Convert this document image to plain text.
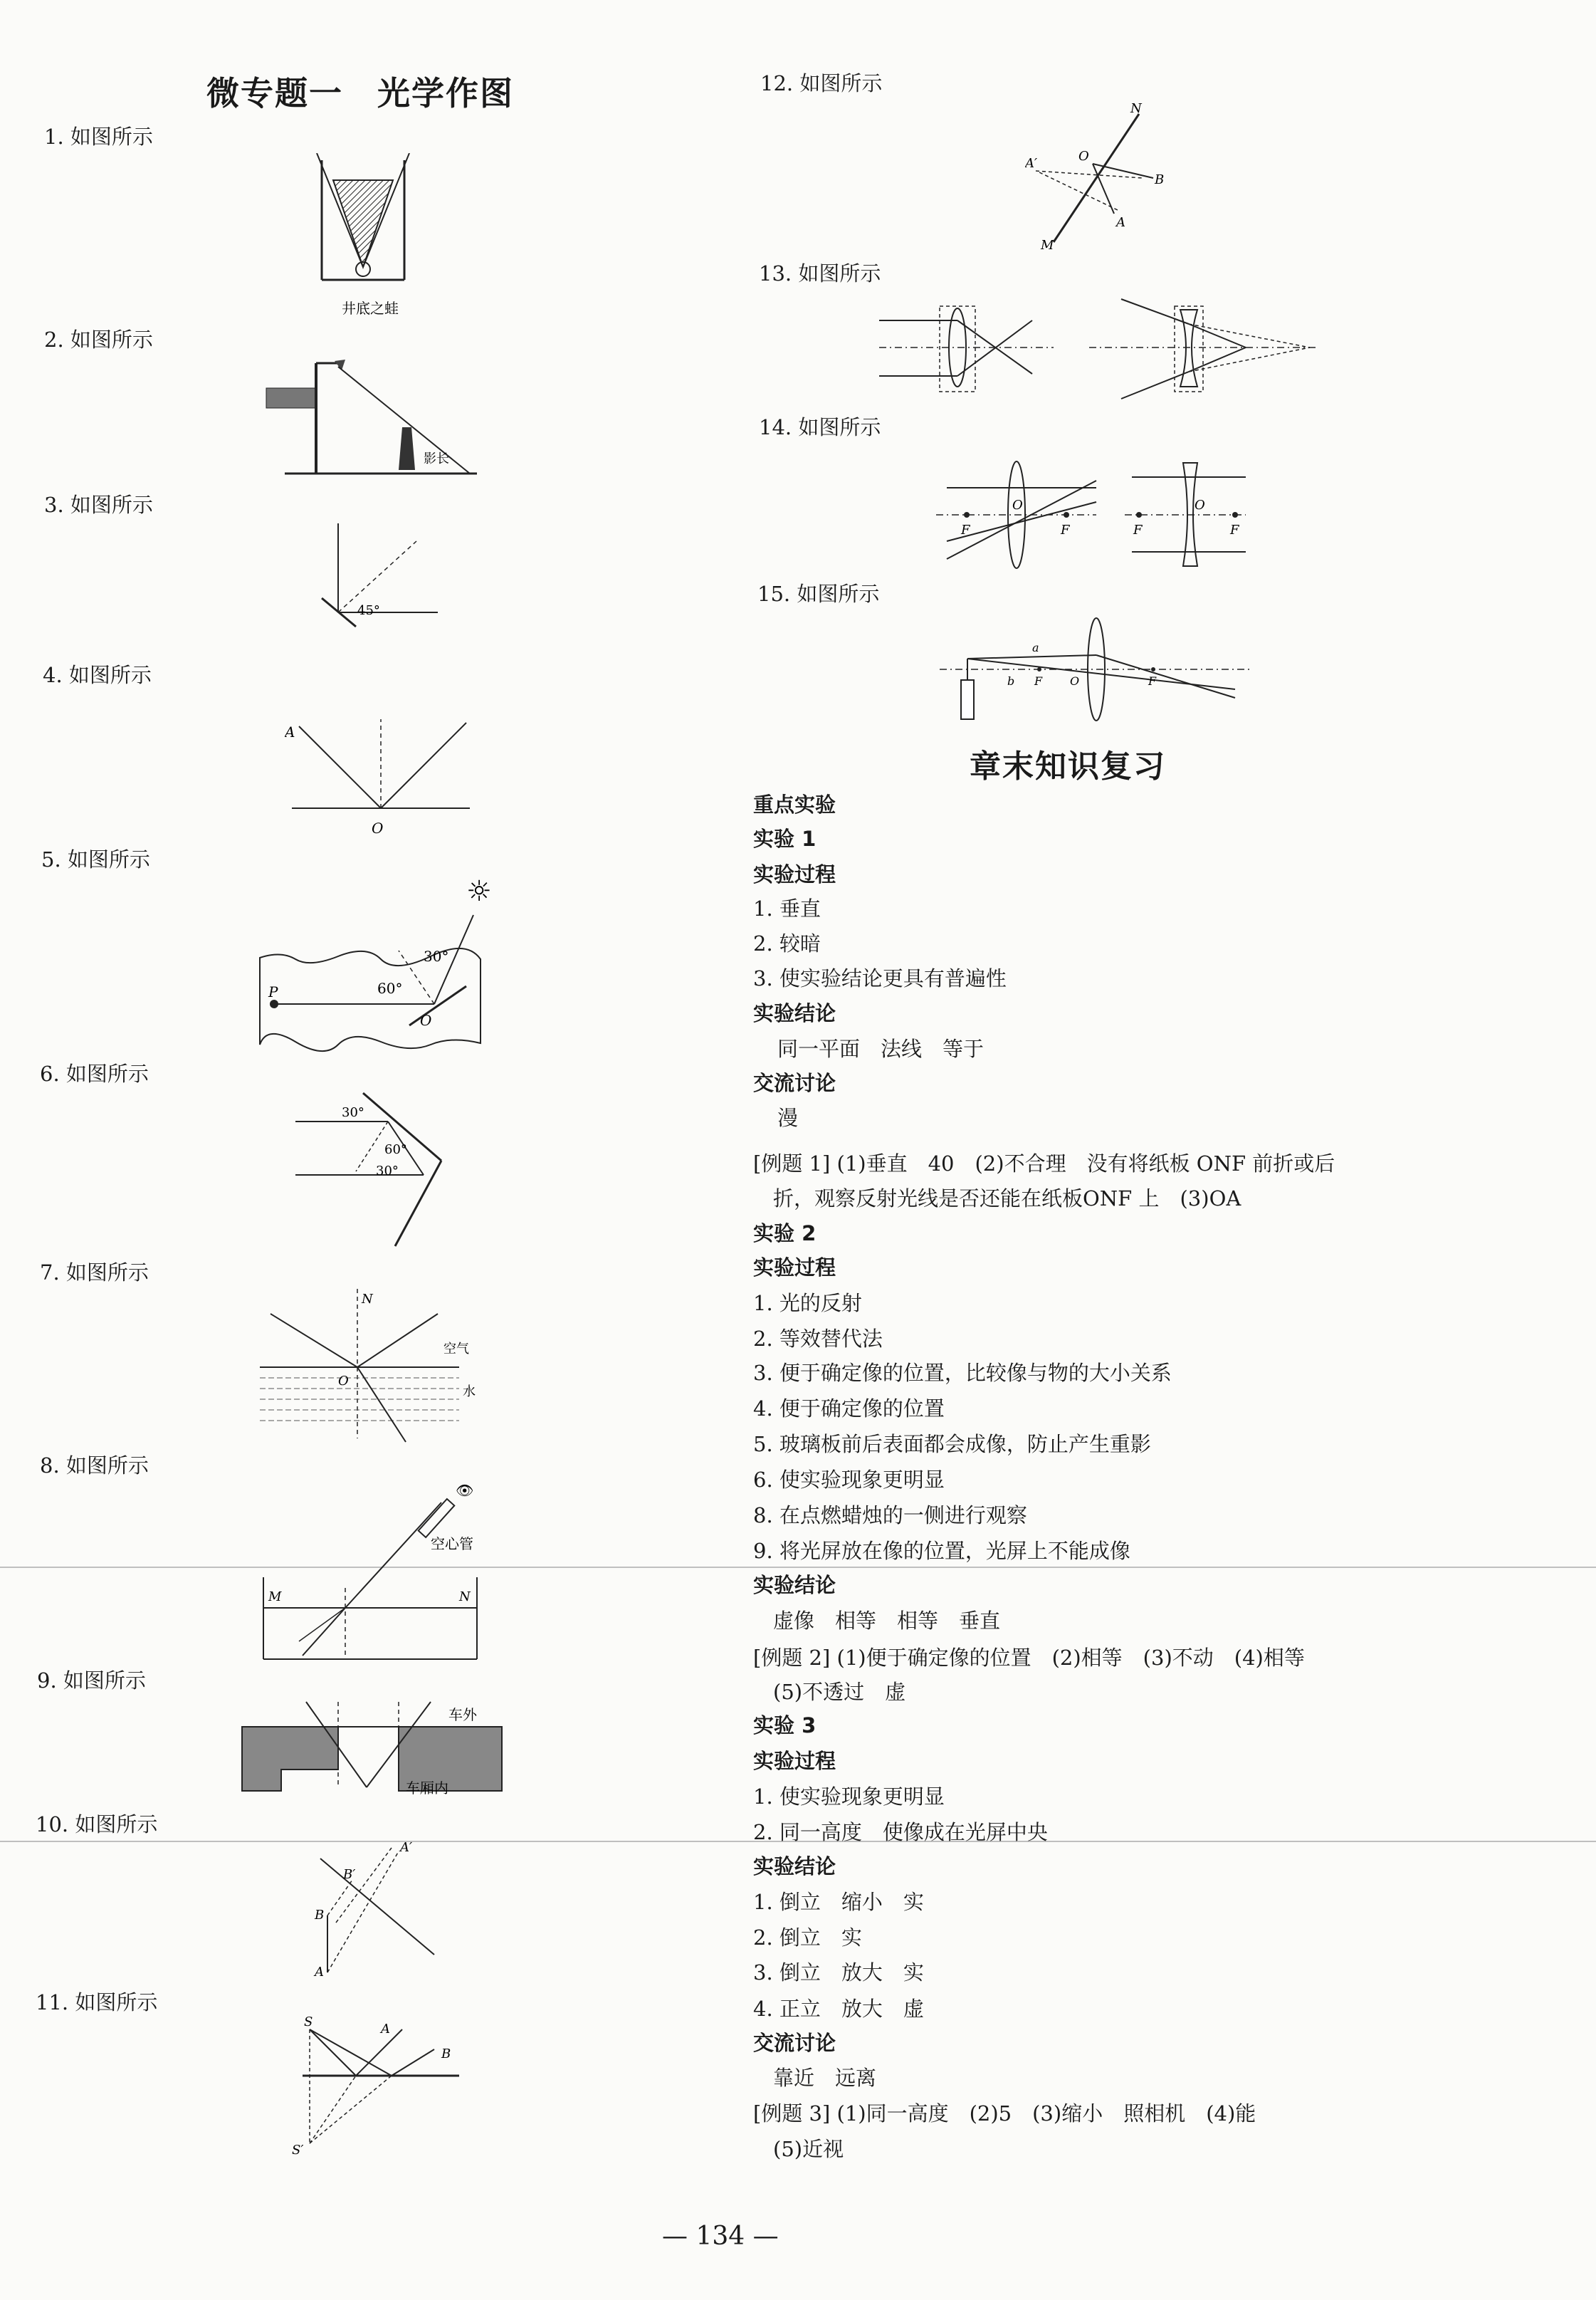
微专题一　光学作图
1. 如图所示
2. 如图所示
3. 如图所示
4. 如图所示
5. 如图所示
6. 如图所示
7. 如图所示
8. 如图所示
9. 如图所示
10. 如图所示
11. 如图所示
井底之蛙
影长
45°
A
O
☼
30°
60°
P
O
30°
60°
30°
N
O
空气
水
👁
空心管
M	N
车外
车厢内
A
B
A′
B′
S	A
B
S′
12. 如图所示
13. 如图所示
14. 如图所示
15. 如图所示
N
O
A′
B
A
M
F	F
O
F	F
O
a
b F O	F
章末知识复习
重点实验
实验 1
实验过程
1. 垂直
2. 较暗
3. 使实验结论更具有普遍性
实验结论
同一平面　法线　等于
交流讨论
漫
[例题 1] (1)垂直　40　(2)不合理　没有将纸板 ONF 前折或后
折，观察反射光线是否还能在纸板ONF 上　(3)OA
实验 2
实验过程
1. 光的反射
2. 等效替代法
3. 便于确定像的位置，比较像与物的大小关系
4. 便于确定像的位置
5. 玻璃板前后表面都会成像，防止产生重影
6. 使实验现象更明显
8. 在点燃蜡烛的一侧进行观察
9. 将光屏放在像的位置，光屏上不能成像
实验结论
虚像　相等　相等　垂直
[例题 2] (1)便于确定像的位置　(2)相等　(3)不动　(4)相等
(5)不透过　虚
实验 3
实验过程
1. 使实验现象更明显
2. 同一高度　使像成在光屏中央
实验结论
1. 倒立　缩小　实
2. 倒立　实
3. 倒立　放大　实
4. 正立　放大　虚
交流讨论
靠近　远离
[例题 3] (1)同一高度　(2)5　(3)缩小　照相机　(4)能
(5)近视
— 134 —
